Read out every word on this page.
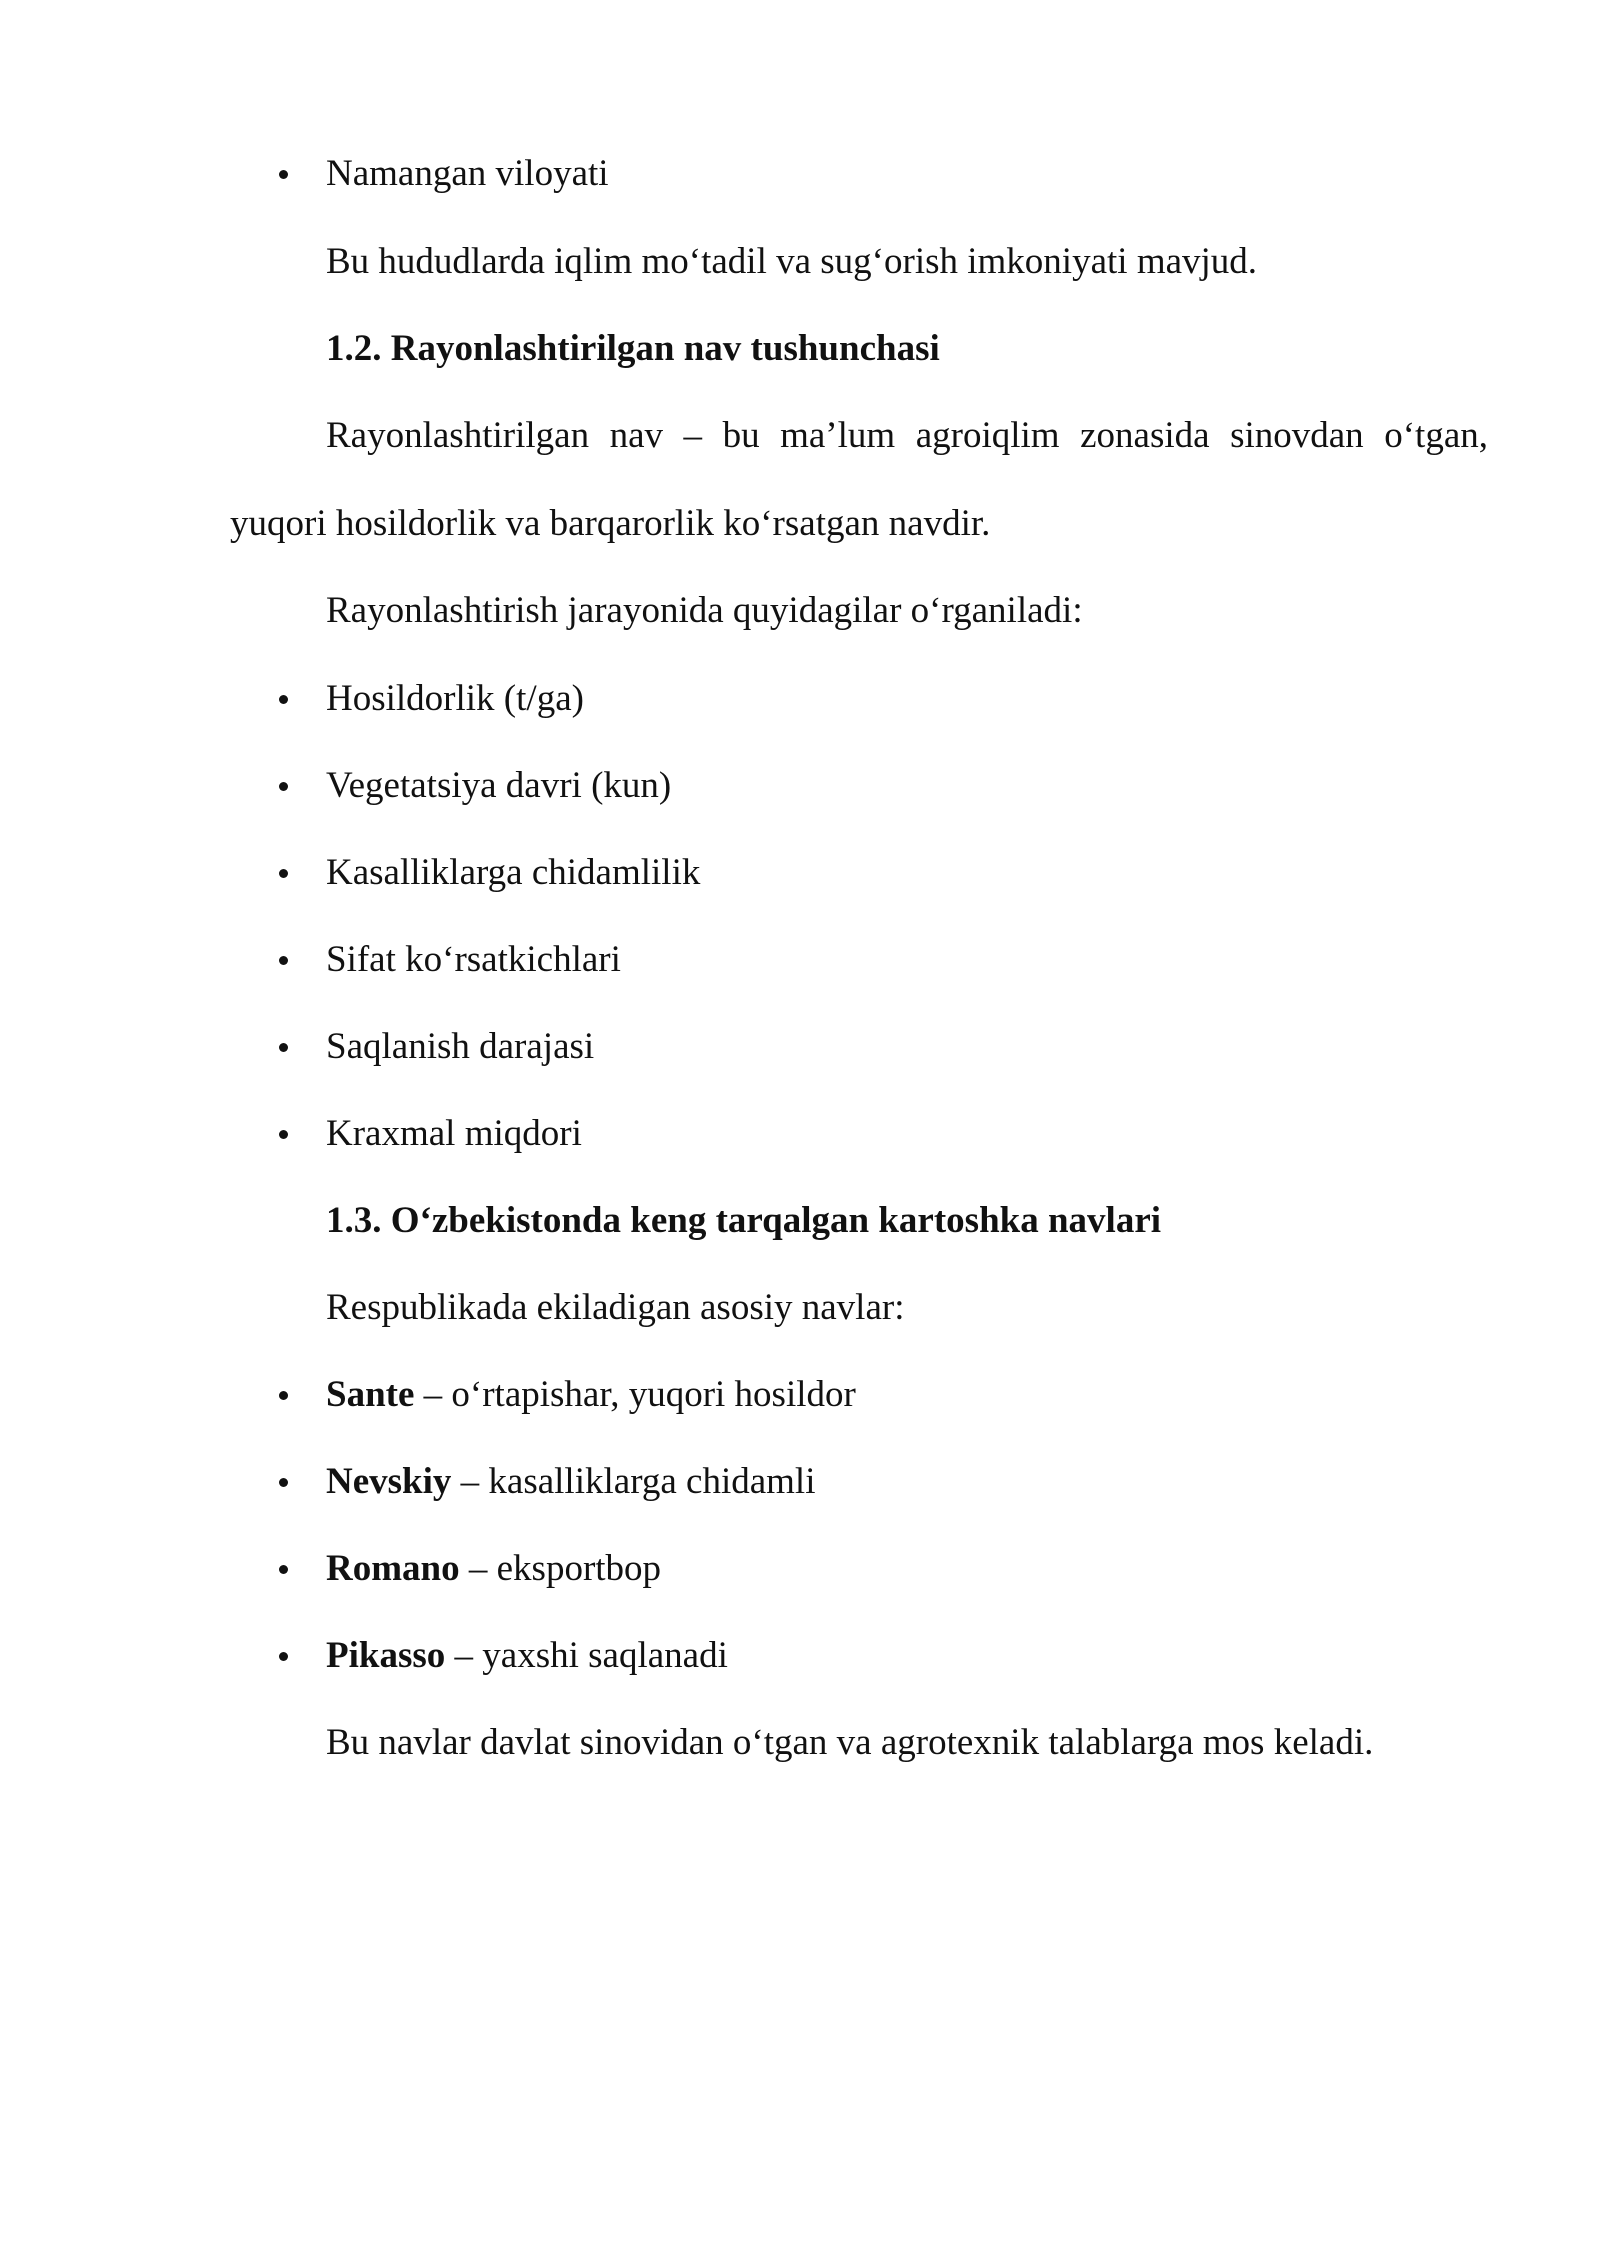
Namangan viloyati
Bu hududlarda iqlim moʻtadil va sugʻorish imkoniyati mavjud.
1.2. Rayonlashtirilgan nav tushunchasi
Rayonlashtirilgan nav – bu ma’lum agroiqlim zonasida sinovdan oʻtgan,
yuqori hosildorlik va barqarorlik koʻrsatgan navdir.
Rayonlashtirish jarayonida quyidagilar oʻrganiladi:
Hosildorlik (t/ga)
Vegetatsiya davri (kun)
Kasalliklarga chidamlilik
Sifat koʻrsatkichlari
Saqlanish darajasi
Kraxmal miqdori
1.3. Oʻzbekistonda keng tarqalgan kartoshka navlari
Respublikada ekiladigan asosiy navlar:
Sante – oʻrtapishar, yuqori hosildor
Nevskiy – kasalliklarga chidamli
Romano – eksportbop
Pikasso – yaxshi saqlanadi
Bu navlar davlat sinovidan oʻtgan va agrotexnik talablarga mos keladi.
